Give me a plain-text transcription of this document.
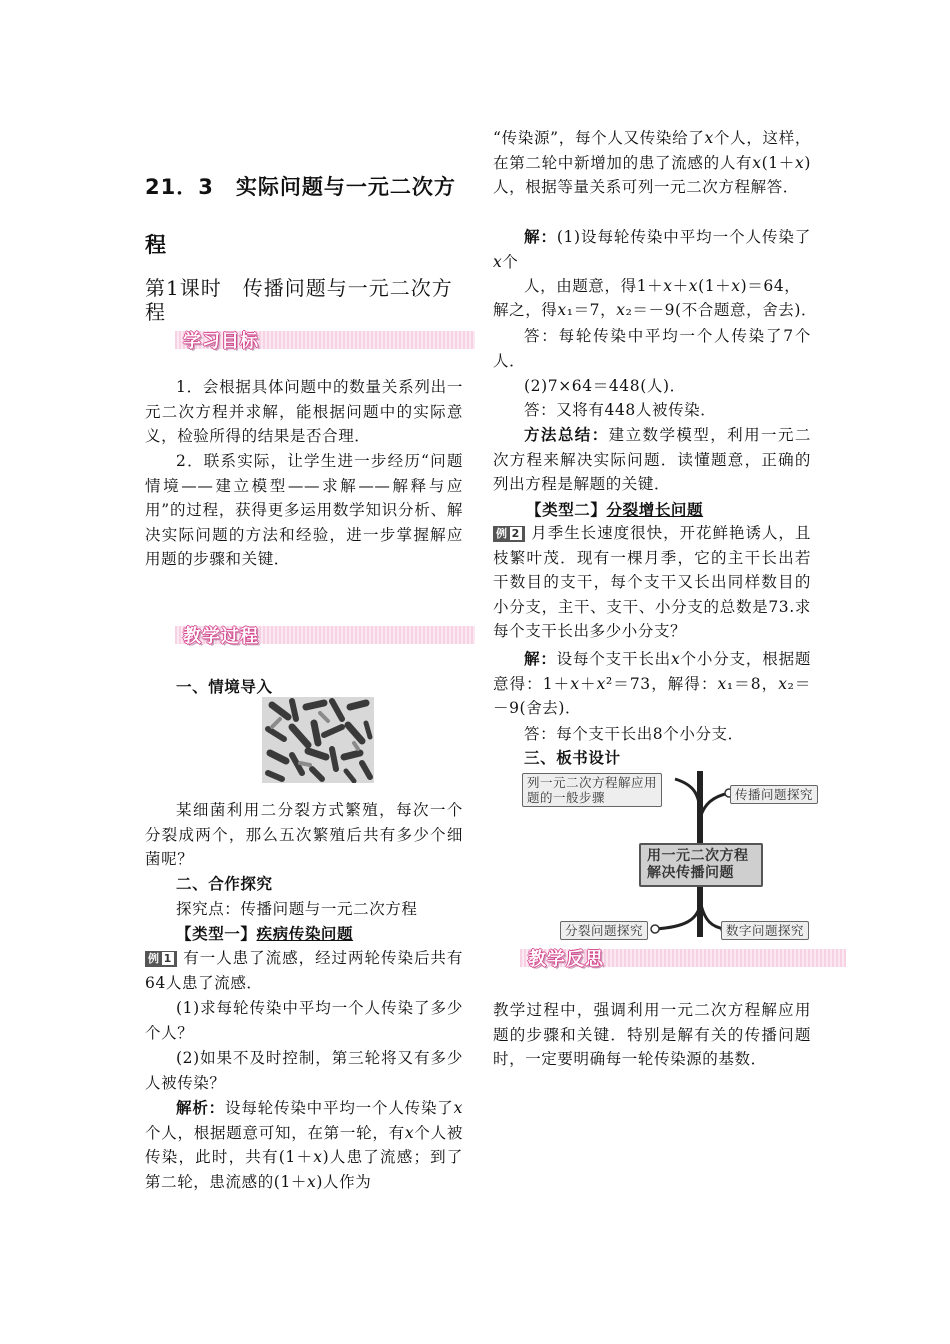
21．3　实际问题与一元二次方程
第1课时　传播问题与一元二次方程
学习目标
1．会根据具体问题中的数量关系列出一元二次方程并求解，能根据问题中的实际意义，检验所得的结果是否合理．
2．联系实际，让学生进一步经历“问题情境——建立模型——求解——解释与应用”的过程，获得更多运用数学知识分析、解决实际问题的方法和经验，进一步掌握解应用题的步骤和关键．
教学过程
一、情境导入
某细菌利用二分裂方式繁殖，每次一个分裂成两个，那么五次繁殖后共有多少个细菌呢？
二、合作探究
探究点：传播问题与一元二次方程
【类型一】疾病传染问题
例 1 有一人患了流感，经过两轮传染后共有64人患了流感．
(1)求每轮传染中平均一个人传染了多少个人？
(2)如果不及时控制，第三轮将又有多少人被传染？
解析：设每轮传染中平均一个人传染了x个人，根据题意可知，在第一轮，有x个人被传染，此时，共有(1＋x)人患了流感；到了第二轮，患流感的(1＋x)人作为
“传染源”，每个人又传染给了x个人，这样，在第二轮中新增加的患了流感的人有x(1＋x)人，根据等量关系可列一元二次方程解答．
解：(1)设每轮传染中平均一个人传染了x个
人，由题意，得1＋x＋x(1＋x)＝64，
解之，得x₁＝7，x₂＝－9(不合题意，舍去)．
答：每轮传染中平均一个人传染了7个人．
(2)7×64＝448(人)．
答：又将有448人被传染．
方法总结：建立数学模型，利用一元二次方程来解决实际问题．读懂题意，正确的列出方程是解题的关键．
【类型二】分裂增长问题
例 2 月季生长速度很快，开花鲜艳诱人，且枝繁叶茂．现有一棵月季，它的主干长出若干数目的支干，每个支干又长出同样数目的小分支，主干、支干、小分支的总数是73.求每个支干长出多少小分支？
解：设每个支干长出x个小分支，根据题意得：1＋x＋x²＝73，解得：x₁＝8，x₂＝－9(舍去)．
答：每个支干长出8个小分支．
三、板书设计
列一元二次方程解应用题的一般步骤	传播问题探究
用一元二次方程解决传播问题
分裂问题探究	数字问题探究
教学反思
教学过程中，强调利用一元二次方程解应用题的步骤和关键．特别是解有关的传播问题时，一定要明确每一轮传染源的基数．
